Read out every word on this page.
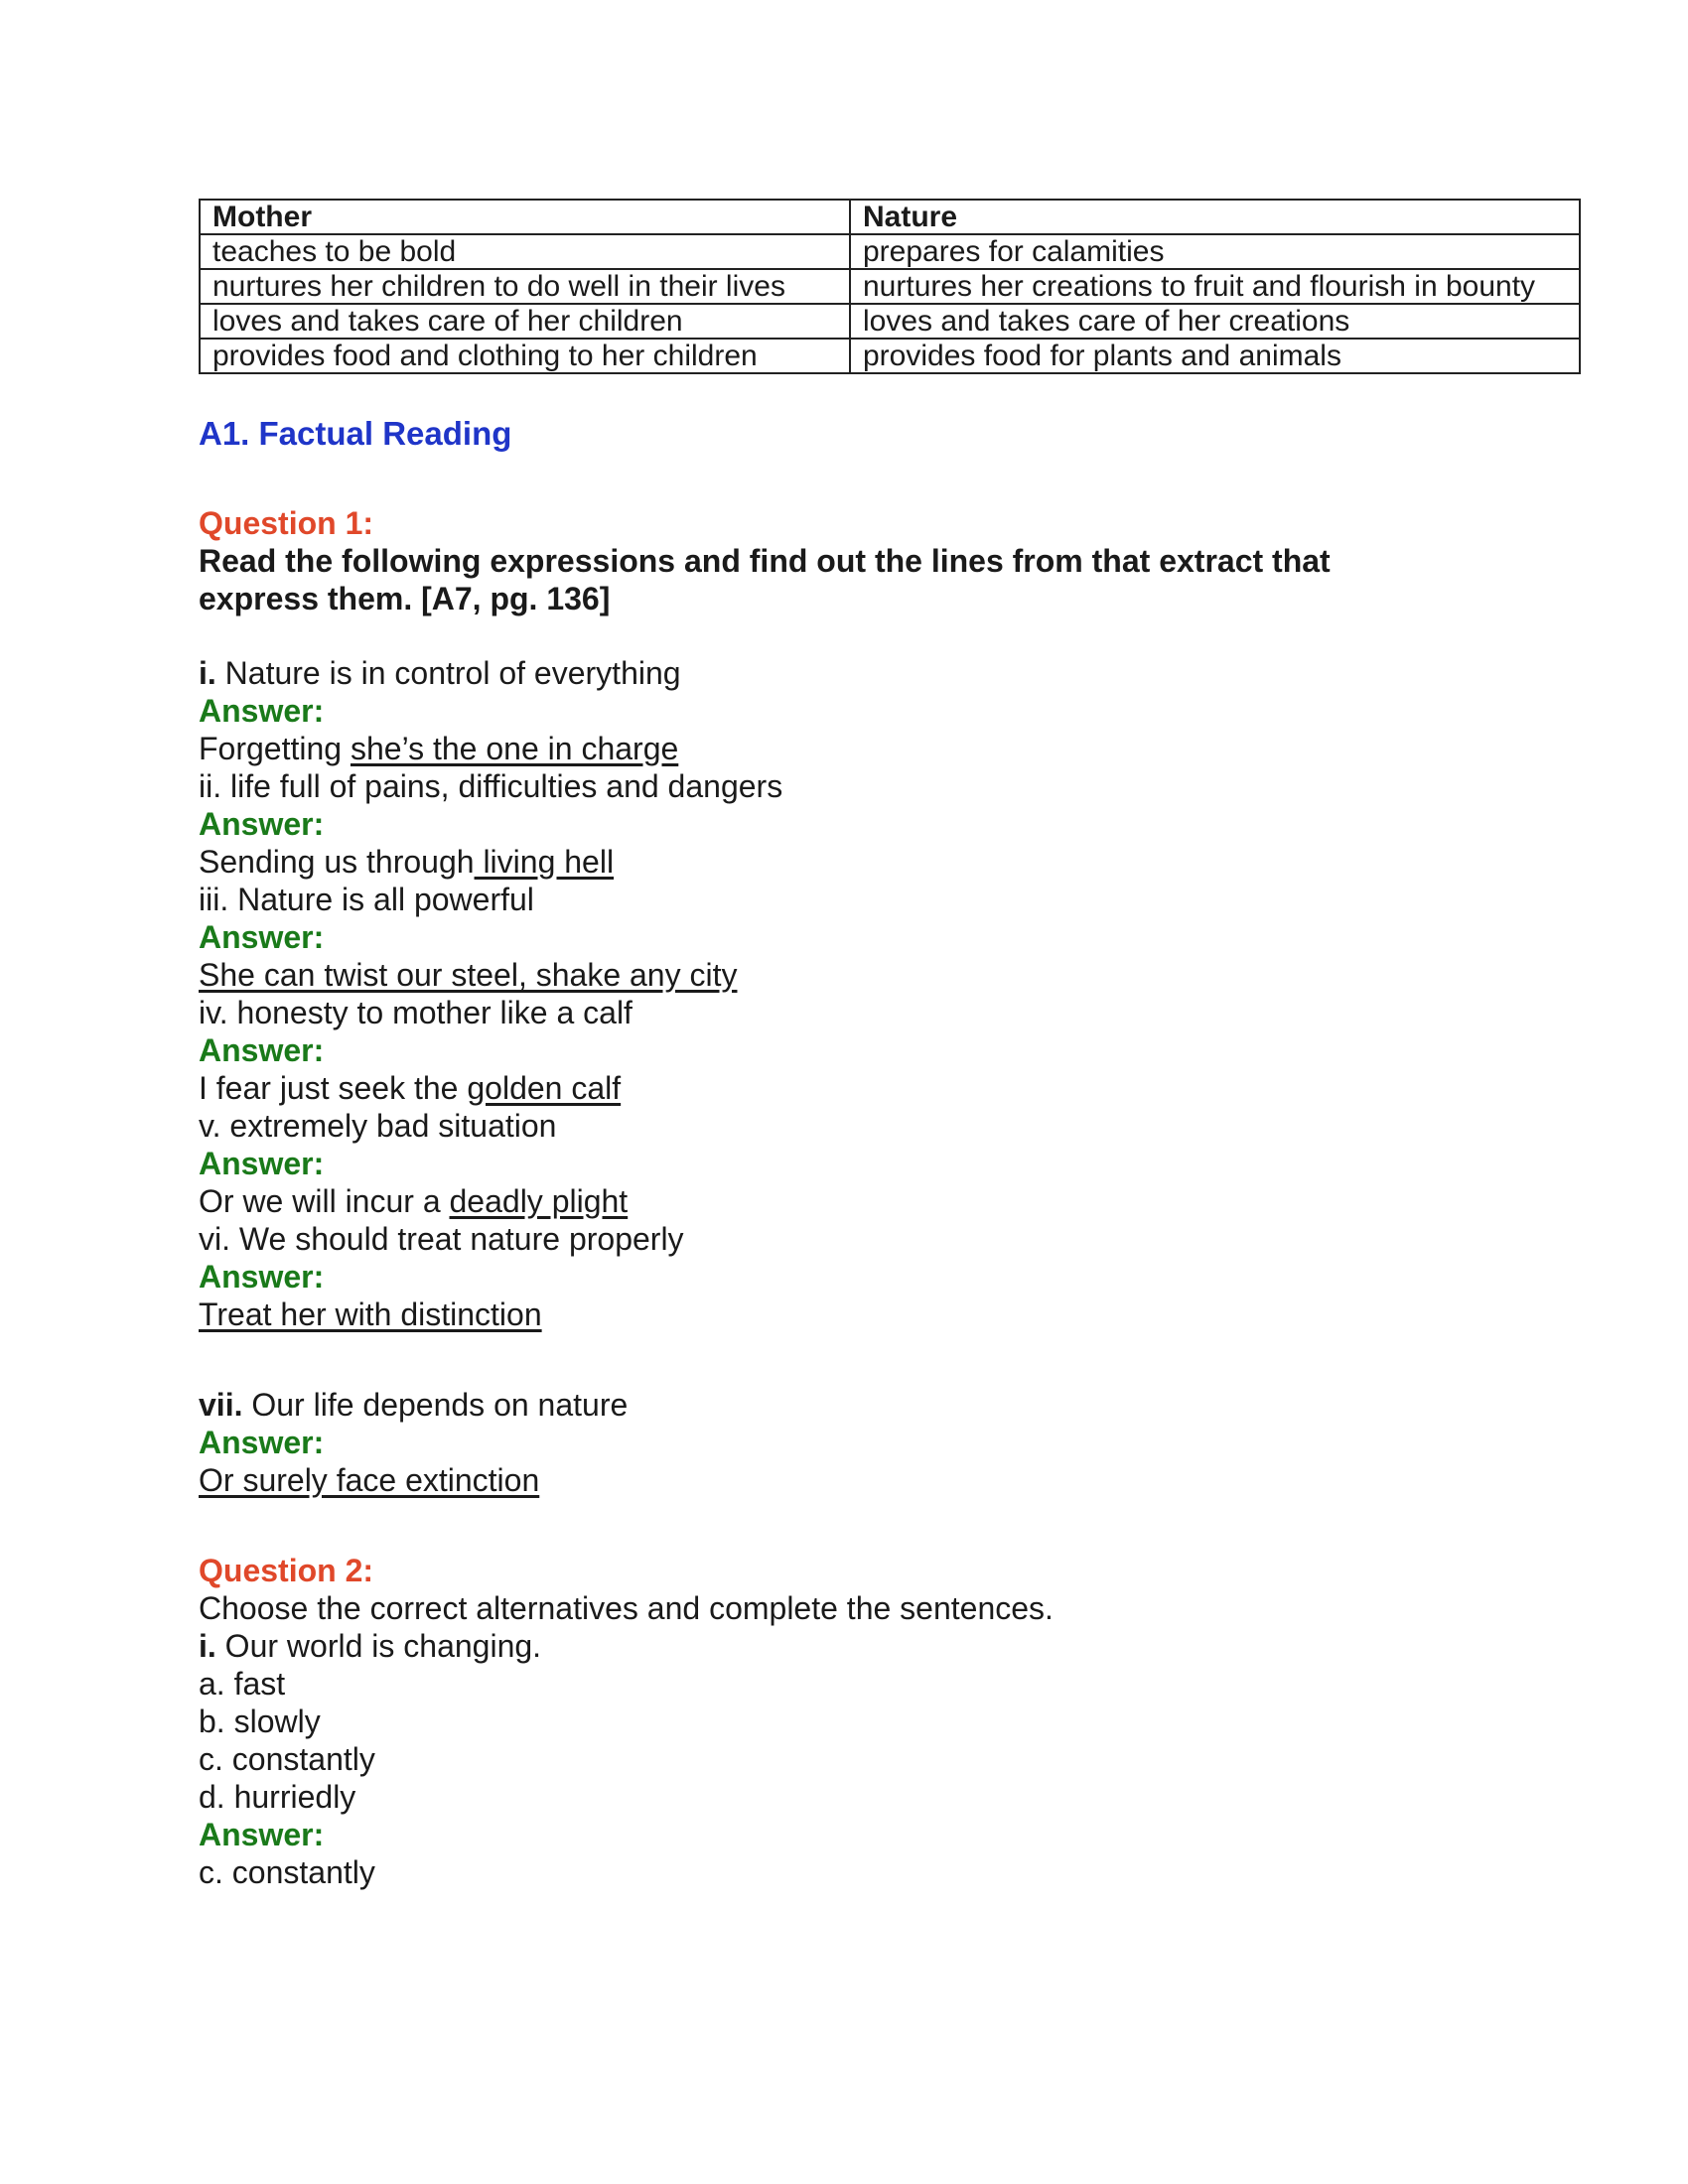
Mother	Nature
teaches to be bold	prepares for calamities
nurtures her children to do well in their lives	nurtures her creations to fruit and flourish in bounty
loves and takes care of her children	loves and takes care of her creations
provides food and clothing to her children	provides food for plants and animals

A1. Factual Reading

Question 1:

Read the following expressions and find out the lines from that extract that
express them. [A7, pg. 136]

i. Nature is in control of everything

Answer:

Forgetting she’s the one in charge

ii. life full of pains, difficulties and dangers

Answer:

Sending us through living hell

iii. Nature is all powerful

Answer:

She can twist our steel, shake any city

iv. honesty to mother like a calf

Answer:

I fear just seek the golden calf

v. extremely bad situation

Answer:

Or we will incur a deadly plight

vi. We should treat nature properly

Answer:

Treat her with distinction

vii. Our life depends on nature

Answer:

Or surely face extinction

Question 2:

Choose the correct alternatives and complete the sentences.

i. Our world is changing.

a. fast

b. slowly

c. constantly

d. hurriedly

Answer:

c. constantly
